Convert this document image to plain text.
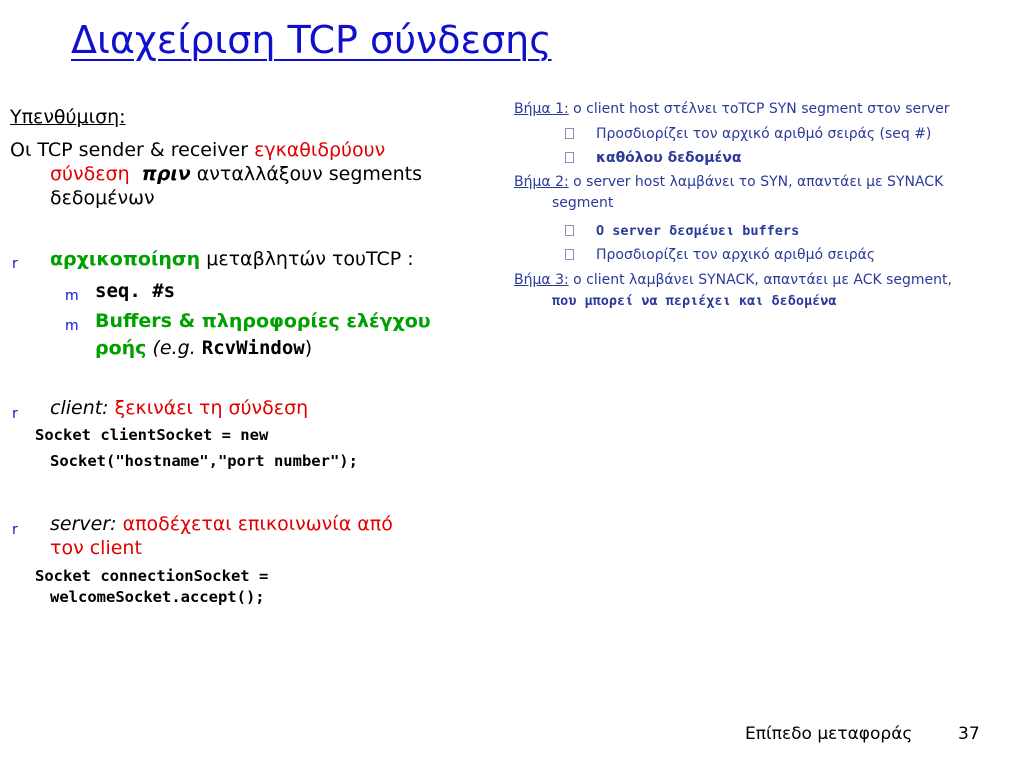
Διαχείριση TCP σύνδεσης
Υπενθύμιση:
Οι TCP sender & receiver εγκαθιδρύουν
σύνδεση πριν ανταλλάξουν segments
δεδομένων
r αρχικοποίηση μεταβλητών τουTCP :
m seq. #s
m Buffers & πληροφορίες ελέγχου
ροής (e.g. RcvWindow)
r client: ξεκινάει τη σύνδεση
Socket clientSocket = new
Socket("hostname","port number");
r server: αποδέχεται επικοινωνία από
τον client
Socket connectionSocket =
welcomeSocket.accept();
Βήμα 1: ο client host στέλνει τοTCP SYN segment στον server
Προσδιορίζει τον αρχικό αριθμό σειράς (seq #)
καθόλου δεδομένα
Βήμα 2: ο server host λαμβάνει το SYN, απαντάει με SYNACK
segment
Ο server δεσμέυει buffers
Προσδιορίζει τον αρχικό αριθμό σειράς
Βήμα 3: ο client λαμβάνει SYNACK, απαντάει με ACK segment,
που μπορεί να περιέχει και δεδομένα
Επίπεδο μεταφοράς	37
